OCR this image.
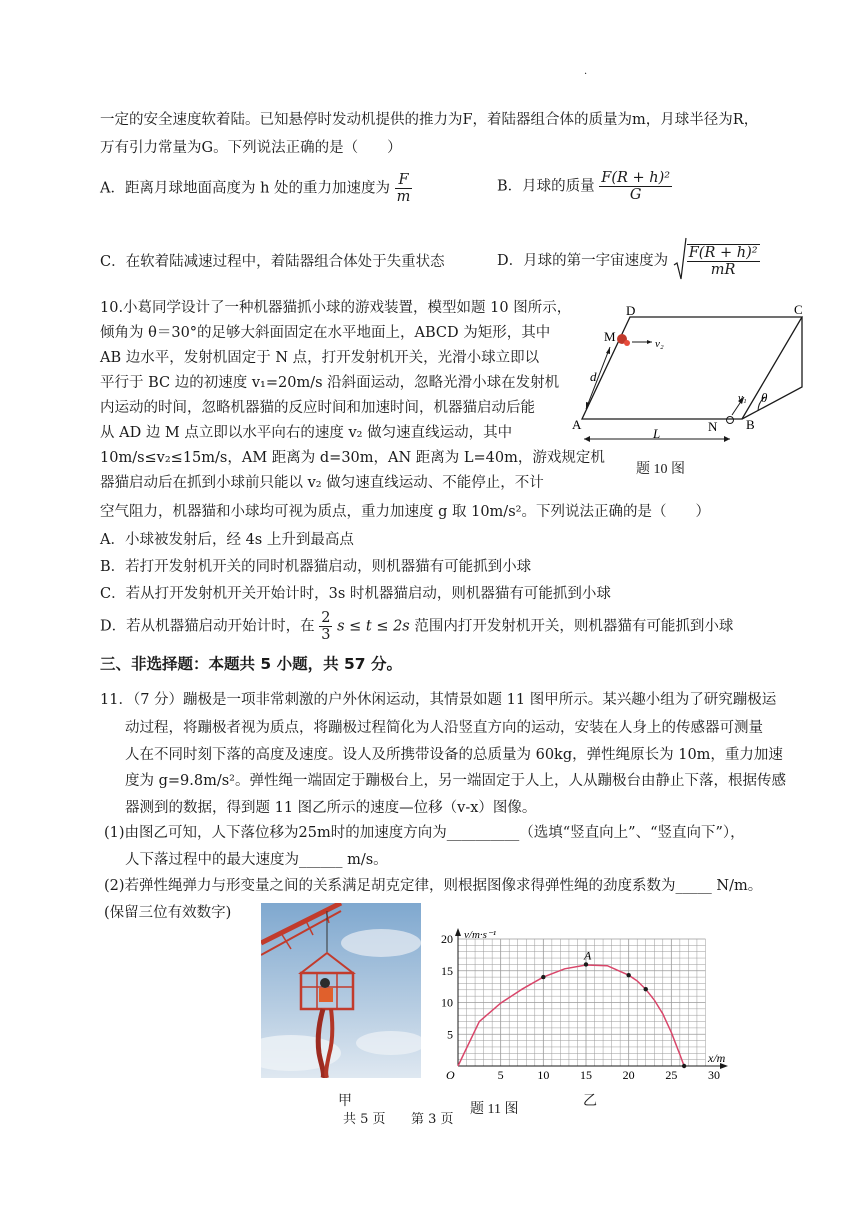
.
一定的安全速度软着陆。已知悬停时发动机提供的推力为F，着陆器组合体的质量为m，月球半径为R，
万有引力常量为G。下列说法正确的是（　　）
A．距离月球地面高度为 h 处的重力加速度为 $\frac{F}{m}$	B．月球的质量 $\frac{\text{F(R + h)²}}{G}$
C．在软着陆减速过程中，着陆器组合体处于失重状态	D．月球的第一宇宙速度为 $\frac{\text{F(R + h)²}}{mR}$
10.小葛同学设计了一种机器猫抓小球的游戏装置，模型如题 10 图所示，
倾角为 θ＝30°的足够大斜面固定在水平地面上，ABCD 为矩形，其中
AB 边水平，发射机固定于 N 点，打开发射机开关，光滑小球立即以
平行于 BC 边的初速度 v₁=20m/s 沿斜面运动，忽略光滑小球在发射机
内运动的时间，忽略机器猫的反应时间和加速时间，机器猫启动后能
从 AD 边 M 点立即以水平向右的速度 v₂ 做匀速直线运动，其中
10m/s≤v₂≤15m/s，AM 距离为 d=30m，AN 距离为 L=40m，游戏规定机
器猫启动后在抓到小球前只能以 v₂ 做匀速直线运动、不能停止，不计
空气阻力，机器猫和小球均可视为质点，重力加速度 g 取 10m/s²。下列说法正确的是（　　）
D	C
A	B
M
N
d
L
v₁
v₂
θ
题 10 图
A．小球被发射后，经 4s 上升到最高点
B．若打开发射机开关的同时机器猫启动，则机器猫有可能抓到小球
C．若从打开发射机开关开始计时，3s 时机器猫启动，则机器猫有可能抓到小球
D．若从机器猫启动开始计时，在 $\frac{2}{3}$ s ≤ t ≤ 2s 范围内打开发射机开关，则机器猫有可能抓到小球
三、非选择题：本题共 5 小题，共 57 分。
11．（7 分）蹦极是一项非常刺激的户外休闲运动，其情景如题 11 图甲所示。某兴趣小组为了研究蹦极运
动过程，将蹦极者视为质点，将蹦极过程简化为人沿竖直方向的运动，安装在人身上的传感器可测量
人在不同时刻下落的高度及速度。设人及所携带设备的总质量为 60kg，弹性绳原长为 10m，重力加速
度为 g=9.8m/s²。弹性绳一端固定于蹦极台上，另一端固定于人上，人从蹦极台由静止下落，根据传感
器测到的数据，得到题 11 图乙所示的速度—位移（v-x）图像。
(1)由图乙可知，人下落位移为25m时的加速度方向为__________（选填“竖直向上”、“竖直向下”），
人下落过程中的最大速度为______ m/s。
(2)若弹性绳弹力与形变量之间的关系满足胡克定律，则根据图像求得弹性绳的劲度系数为_____ N/m。
(保留三位有效数字)
甲
5	10	15	20	25	30
5
10
15
20
O
x/m
v/m·s⁻¹
A
乙
题 11 图
共 5 页 第 3 页
